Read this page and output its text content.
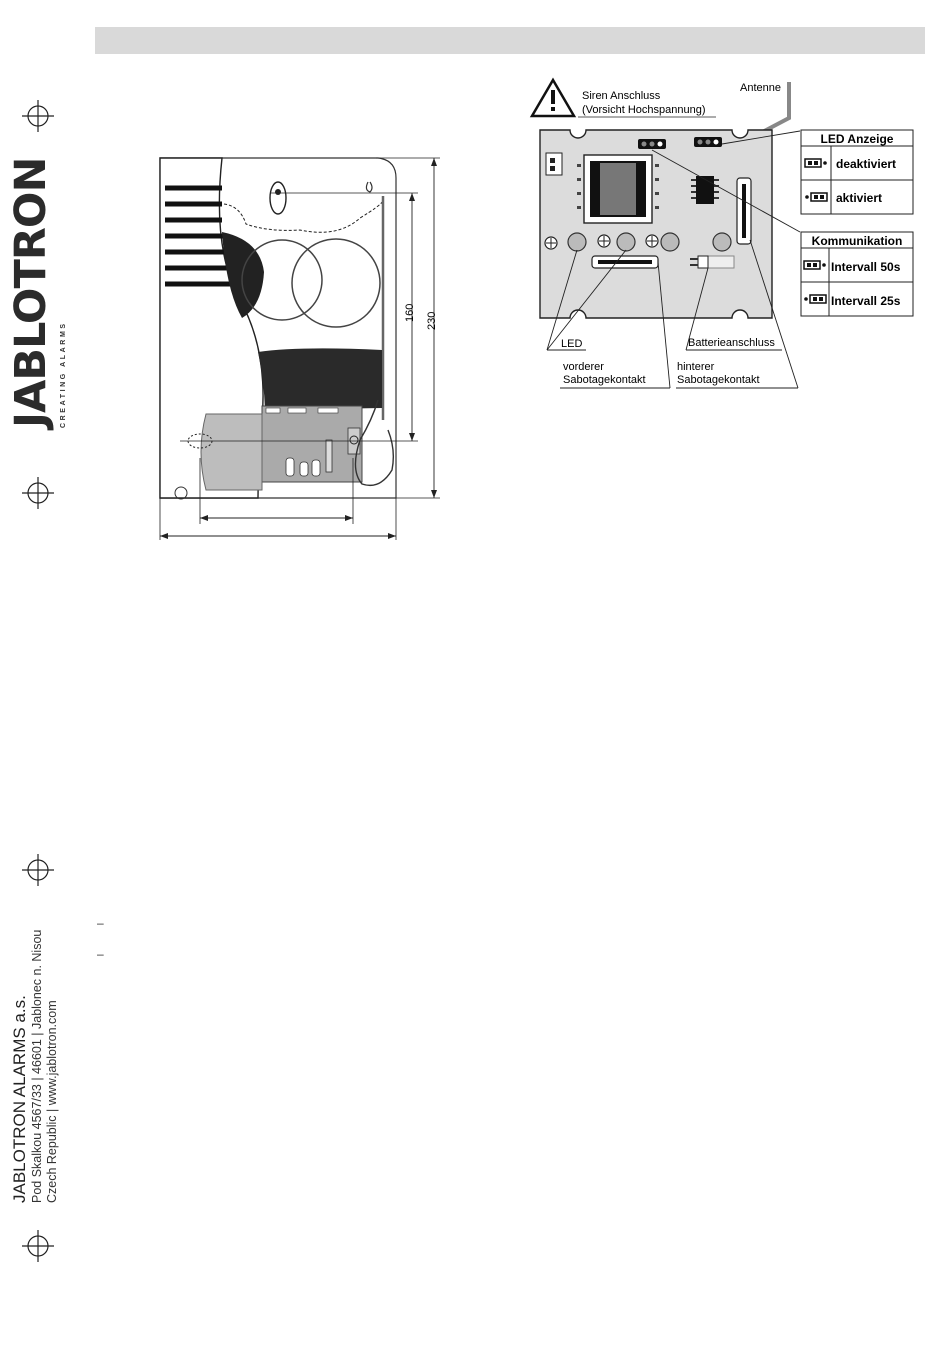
JABLOTRON CREATING ALARMS
JABLOTRON ALARMS a.s. Pod Skalkou 4567/33 | 46601 | Jablonec n. Nisou Czech Republic | www.jablotron.com
–
–
160 230
Siren Anschluss
(Vorsicht Hochspannung)
Antenne
LED
vorderer
Sabotagekontakt
hinterer
Sabotagekontakt
Batterieanschluss
LED Anzeige
deaktiviert
aktiviert
Kommunikation
Intervall 50s
Intervall 25s
